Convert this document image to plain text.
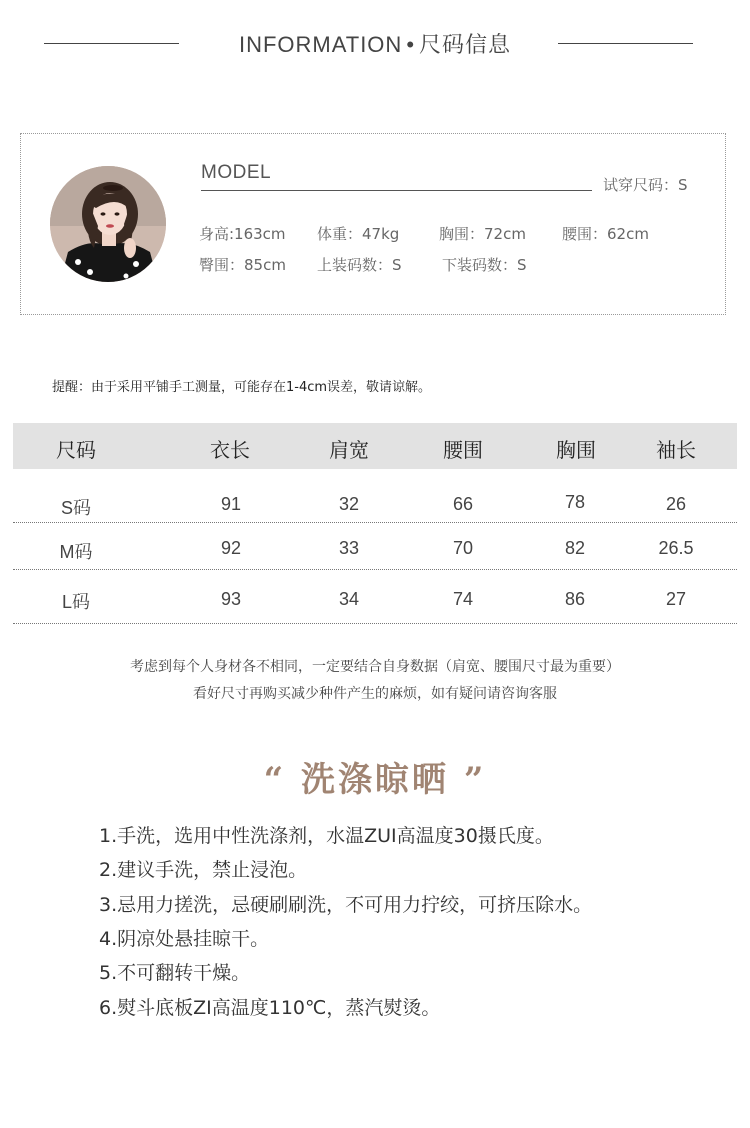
INFORMATION • 尺码信息
MODEL
试穿尺码：S
身高:163cm 体重：47kg	胸围：72cm 腰围：62cm
臀围：85cm 上装码数：S	下装码数：S
提醒：由于采用平铺手工测量，可能存在1-4cm误差，敬请谅解。
尺码	衣长	肩宽	腰围	胸围	袖长
S码	91	32	66	78	26
M码	92	33	70	82	26.5
L码	93	34	74	86	27
考虑到每个人身材各不相同，一定要结合自身数据（肩宽、腰围尺寸最为重要）
看好尺寸再购买减少种件产生的麻烦，如有疑问请咨询客服
“ 洗涤晾晒 ”
1.手洗，选用中性洗涤剂，水温ZUI高温度30摄氏度。
2.建议手洗，禁止浸泡。
3.忌用力搓洗，忌硬刷刷洗，不可用力拧绞，可挤压除水。
4.阴凉处悬挂晾干。
5.不可翻转干燥。
6.熨斗底板ZI高温度110℃，蒸汽熨烫。
